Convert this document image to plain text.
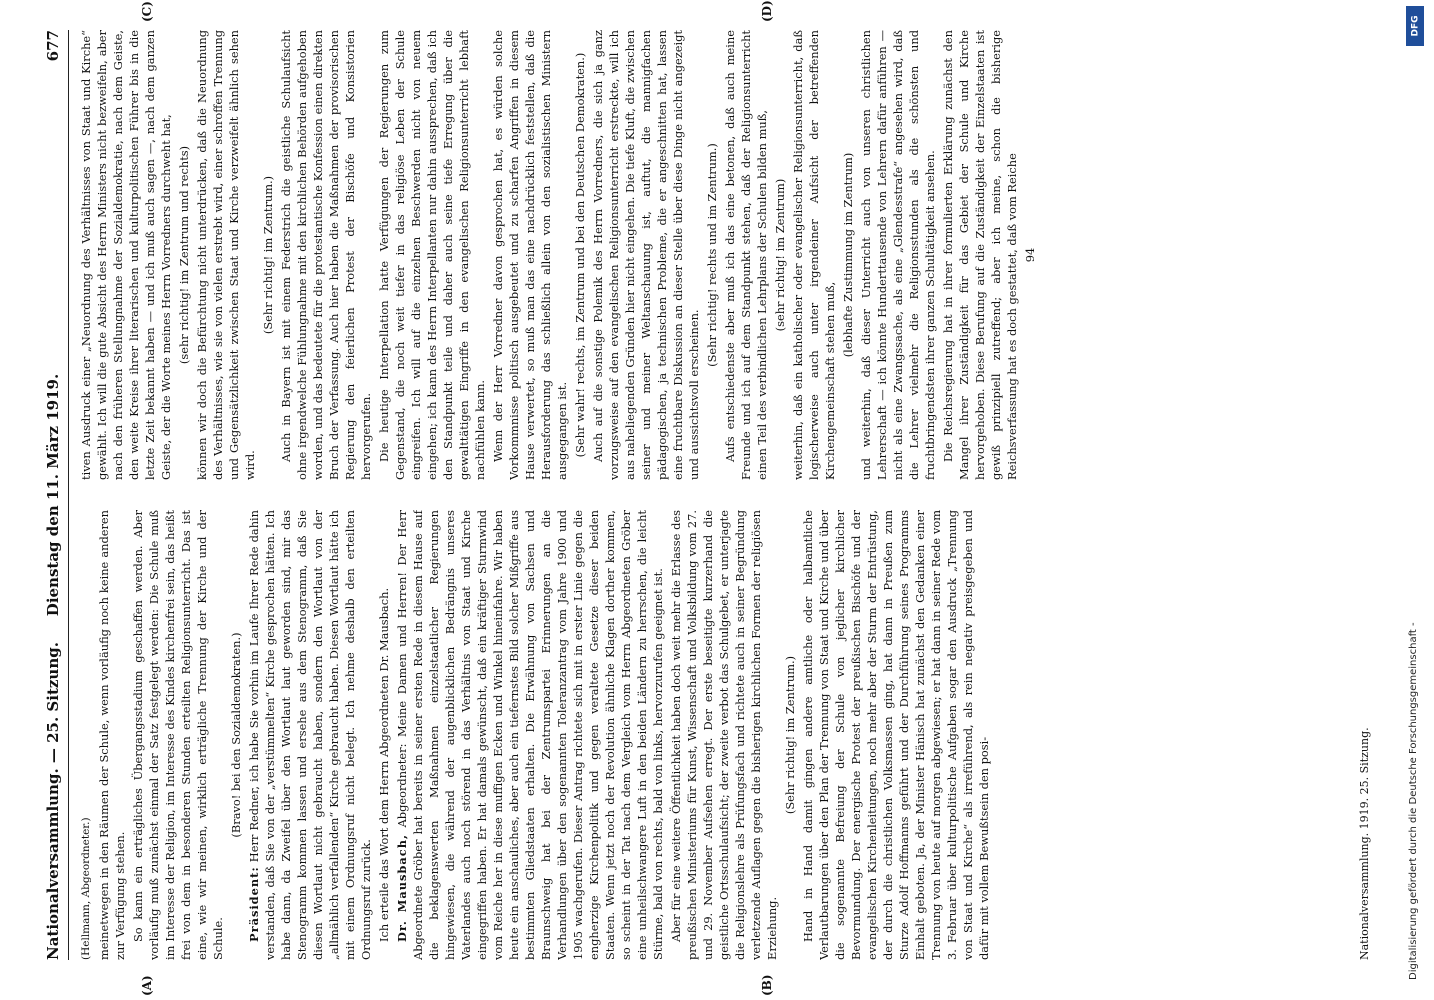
Nationalversammlung. — 25. Sitzung.
Dienstag den 11. März 1919.
677
(A)	(B)
(C)	(D)

(Hellmann, Abgeordneter.) meinetwegen in den Räumen der Schule, wenn vorläufig noch keine anderen zur Verfügung stehen. So kann ein erträgliches Übergangsstadium geschaffen werden. Aber vorläufig muß zunächst einmal der Satz festgelegt werden: Die Schule muß im Interesse der Religion, im Interesse des Kindes kirchenfrei sein, das heißt frei von dem in besonderen Stunden erteilten Religionsunterricht. Das ist eine, wie wir meinen, wirklich erträgliche Trennung der Kirche und der Schule.

(Bravo! bei den Sozialdemokraten.)

Präsident: Herr Redner, ich habe Sie vorhin im Laufe Ihrer Rede dahin verstanden, daß Sie von der „verstümmelten“ Kirche gesprochen hätten. Ich habe dann, da Zweifel über den Wortlaut laut geworden sind, mir das Stenogramm kommen lassen und ersehe aus dem Stenogramm, daß Sie diesen Wortlaut nicht gebraucht haben, sondern den Wortlaut von der „allmählich verfallenden“ Kirche gebraucht haben. Diesen Wortlaut hätte ich mit einem Ordnungsruf nicht belegt. Ich nehme deshalb den erteilten Ordnungsruf zurück. Ich erteile das Wort dem Herrn Abgeordneten Dr. Mausbach. Dr. Mausbach, Abgeordneter: Meine Damen und Herren! Der Herr Abgeordnete Gröber hat bereits in seiner ersten Rede in diesem Hause auf die beklagenswerten Maßnahmen einzelstaatlicher Regierungen hingewiesen, die während der augenblicklichen Bedrängnis unseres Vaterlandes auch noch störend in das Verhältnis von Staat und Kirche eingegriffen haben. Er hat damals gewünscht, daß ein kräftiger Sturmwind vom Reiche her in diese muffigen Ecken und Winkel hineinfahre. Wir haben heute ein anschauliches, aber auch ein tiefernstes Bild solcher Mißgriffe aus bestimmten Gliedstaaten erhalten. Die Erwähnung von Sachsen und Braunschweig hat bei der Zentrumspartei Erinnerungen an die Verhandlungen über den sogenannten Toleranzantrag vom Jahre 1900 und 1905 wachgerufen. Dieser Antrag richtete sich mit in erster Linie gegen die engherzige Kirchenpolitik und gegen veraltete Gesetze dieser beiden Staaten. Wenn jetzt noch der Revolution ähnliche Klagen dorther kommen, so scheint in der Tat nach dem Vergleich vom Herrn Abgeordneten Gröber eine unheilschwangere Luft in den beiden Ländern zu herrschen, die leicht Stürme, bald von rechts, bald von links, hervorzurufen geeignet ist. Aber für eine weitere Öffentlichkeit haben doch weit mehr die Erlasse des preußischen Ministeriums für Kunst, Wissenschaft und Volksbildung vom 27. und 29. November Aufsehen erregt. Der erste beseitigte kurzerhand die geistliche Ortsschulaufsicht; der zweite verbot das Schulgebet, er unterjagte die Religionslehre als Prüfungsfach und richtete auch in seiner Begründung verletzende Auflagen gegen die bisherigen kirchlichen Formen der religiösen Erziehung.

(Sehr richtig! im Zentrum.) Hand in Hand damit gingen andere amtliche oder halbamtliche Verlautbarungen über den Plan der Trennung von Staat und Kirche und über die sogenannte Befreiung der Schule von jeglicher kirchlicher Bevormundung. Der energische Protest der preußischen Bischöfe und der evangelischen Kirchenleitungen, noch mehr aber der Sturm der Entrüstung, der durch die christlichen Volksmassen ging, hat dann in Preußen zum Sturze Adolf Hoffmanns geführt und der Durchführung seines Programms Einhalt geboten. Ja, der Minister Hänisch hat zunächst den Gedanken einer Trennung von heute auf morgen abgewiesen; er hat dann in seiner Rede vom 3. Februar über kulturpolitische Aufgaben sogar den Ausdruck „Trennung von Staat und Kirche“ als irreführend, als rein negativ preisgegeben und dafür mit vollem Bewußtsein den posi-

tiven Ausdruck einer „Neuordnung des Verhältnisses von Staat und Kirche“ gewählt. Ich will die gute Absicht des Herrn Ministers nicht bezweifeln, aber nach den früheren Stellungnahme der Sozialdemokratie, nach dem Geiste, den weite Kreise ihrer literarischen und kulturpolitischen Führer bis in die letzte Zeit bekannt haben — und ich muß auch sagen —, nach dem ganzen Geiste, der die Worte meines Herrn Vorredners durchweht hat, (sehr richtig! im Zentrum und rechts) können wir doch die Befürchtung nicht unterdrücken, daß die Neuordnung des Verhältnisses, wie sie von vielen erstrebt wird, einer schroffen Trennung und Gegensätzlichkeit zwischen Staat und Kirche verzweifelt ähnlich sehen wird.

(Sehr richtig! im Zentrum.) Auch in Bayern ist mit einem Federstrich die geistliche Schulaufsicht ohne irgendwelche Fühlungnahme mit den kirchlichen Behörden aufgehoben worden, und das bedeutete für die protestantische Konfession einen direkten Bruch der Verfassung. Auch hier haben die Maßnahmen der provisorischen Regierung den feierlichen Protest der Bischöfe und Konsistorien hervorgerufen. Die heutige Interpellation hatte Verfügungen der Regierungen zum Gegenstand, die noch weit tiefer in das religiöse Leben der Schule eingreifen. Ich will auf die einzelnen Beschwerden nicht von neuem eingehen; ich kann des Herrn Interpellanten nur dahin aussprechen, daß ich den Standpunkt teile und daher auch seine tiefe Erregung über die gewalttätigen Eingriffe in den evangelischen Religionsunterricht lebhaft nachfühlen kann. Wenn der Herr Vorredner davon gesprochen hat, es würden solche Vorkommnisse politisch ausgebeutet und zu scharfen Angriffen in diesem Hause verwertet, so muß man das eine nachdrücklich feststellen, daß die Herausforderung das schließlich allein von den sozialistischen Ministern ausgegangen ist. (Sehr wahr! rechts, im Zentrum und bei den Deutschen Demokraten.) Auch auf die sonstige Polemik des Herrn Vorredners, die sich ja ganz vorzugsweise auf den evangelischen Religionsunterricht erstreckte, will ich aus naheliegenden Gründen hier nicht eingehen. Die tiefe Kluft, die zwischen seiner und meiner Weltanschauung ist, auftut, die mannigfachen pädagogischen, ja technischen Probleme, die er angeschnitten hat, lassen eine fruchtbare Diskussion an dieser Stelle über diese Dinge nicht angezeigt und aussichtsvoll erscheinen.

(Sehr richtig! rechts und im Zentrum.) Aufs entschiedenste aber muß ich das eine betonen, daß auch meine Freunde und ich auf dem Standpunkt stehen, daß der Religionsunterricht einen Teil des verbindlichen Lehrplans der Schulen bilden muß, (sehr richtig! im Zentrum) weiterhin, daß ein katholischer oder evangelischer Religionsunterricht, daß logischerweise auch unter irgendeiner Aufsicht der betreffenden Kirchengemeinschaft stehen muß,

(lebhafte Zustimmung im Zentrum) und weiterhin, daß dieser Unterricht auch von unseren christlichen Lehrerschaft — ich könnte Hunderttausende von Lehrern dafür anführen — nicht als eine Zwangssache, als eine „Glendesstrafe“ angesehen wird, daß die Lehrer vielmehr die Religionsstunden als die schönsten und fruchtbringendsten ihrer ganzen Schultätigkeit ansehen. Die Reichsregierung hat in ihrer formulierten Erklärung zunächst den Mangel ihrer Zuständigkeit für das Gebiet der Schule und Kirche hervorgehoben. Diese Berufung auf die Zuständigkeit der Einzelstaaten ist gewiß prinzipiell zutreffend; aber ich meine, schon die bisherige Reichsverfassung hat es doch gestattet, daß vom Reiche 94

Nationalversammlung. 1919. 25. Sitzung.
DFG
Digitalisierung gefördert durch die Deutsche Forschungsgemeinschaft -
